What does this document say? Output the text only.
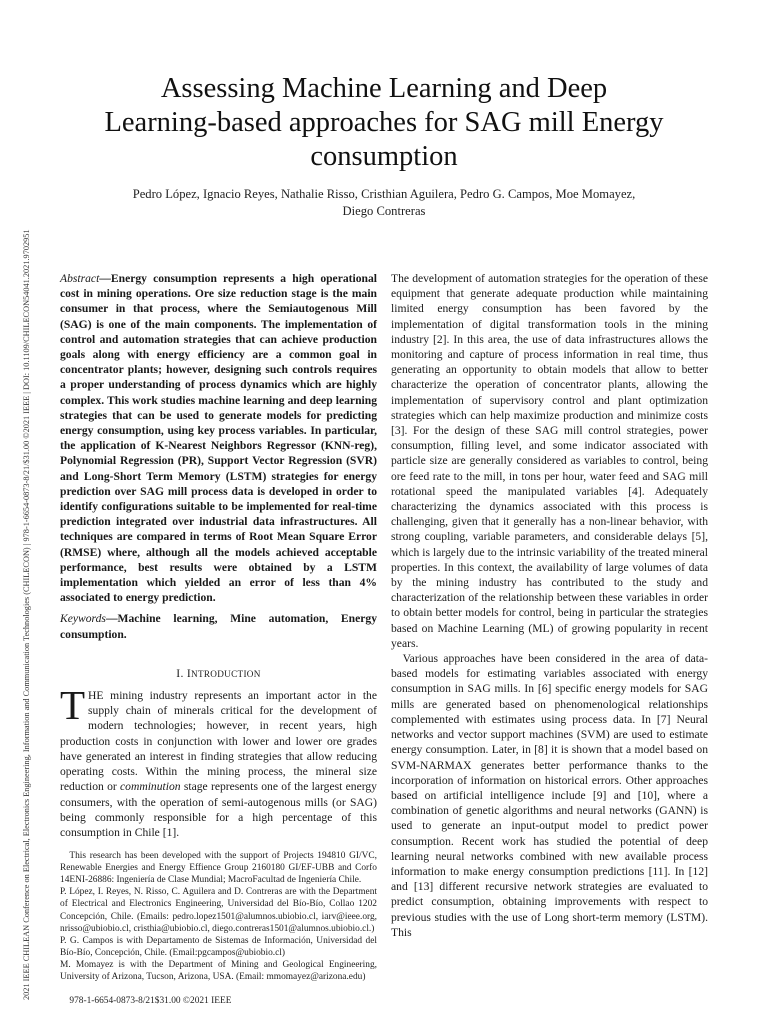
2021 IEEE CHILEAN Conference on Electrical, Electronics Engineering, Information and Communication Technologies (CHILECON) | 978-1-6654-0873-8/21/$31.00 ©2021 IEEE | DOI: 10.1109/CHILECON54041.2021.9702951
Assessing Machine Learning and Deep
Learning-based approaches for SAG mill Energy
consumption
Pedro López, Ignacio Reyes, Nathalie Risso, Cristhian Aguilera, Pedro G. Campos, Moe Momayez,
Diego Contreras

Abstract—Energy consumption represents a high operational cost in mining operations. Ore size reduction stage is the main consumer in that process, where the Semiautogenous Mill (SAG) is one of the main components. The implementation of control and automation strategies that can achieve production goals along with energy efficiency are a common goal in concentrator plants; however, designing such controls requires a proper understanding of process dynamics which are highly complex. This work studies machine learning and deep learning strategies that can be used to generate models for predicting energy consumption, using key process variables. In particular, the application of K-Nearest Neighbors Regressor (KNN-reg), Polynomial Regression (PR), Support Vector Regression (SVR) and Long-Short Term Memory (LSTM) strategies for energy prediction over SAG mill process data is developed in order to identify configurations suitable to be implemented for real-time prediction integrated over industrial data infrastructures. All techniques are compared in terms of Root Mean Square Error (RMSE) where, although all the models achieved acceptable performance, best results were obtained by a LSTM implementation which yielded an error of less than 4% associated to energy prediction.

Keywords—Machine learning, Mine automation, Energy consumption.

I. INTRODUCTION

THE mining industry represents an important actor in the supply chain of minerals critical for the development of modern technologies; however, in recent years, high production costs in conjunction with lower and lower ore grades have generated an interest in finding strategies that allow reducing operating costs. Within the mining process, the mineral size reduction or comminution stage represents one of the largest energy consumers, with the operation of semi-autogenous mills (or SAG) being commonly responsible for a high percentage of this consumption in Chile [1].

This research has been developed with the support of Projects 194810 GI/VC, Renewable Energies and Energy Effience Group 2160180 GI/EF-UBB and Corfo 14ENI-26886: Ingeniería de Clase Mundial; MacroFacultad de Ingeniería Chile.

P. López, I. Reyes, N. Risso, C. Aguilera and D. Contreras are with the Department of Electrical and Electronics Engineering, Universidad del Bío-Bío, Collao 1202 Concepción, Chile. (Emails: pedro.lopez1501@alumnos.ubiobio.cl, iarv@ieee.org, nrisso@ubiobio.cl, cristhia@ubiobio.cl, diego.contreras1501@alumnos.ubiobio.cl.)

P. G. Campos is with Departamento de Sistemas de Información, Universidad del Bío-Bío, Concepción, Chile. (Email:pgcampos@ubiobio.cl)

M. Momayez is with the Department of Mining and Geological Engineering, University of Arizona, Tucson, Arizona, USA. (Email: mmomayez@arizona.edu)

978-1-6654-0873-8/21$31.00 ©2021 IEEE

The development of automation strategies for the operation of these equipment that generate adequate production while maintaining limited energy consumption has been favored by the implementation of digital transformation tools in the mining industry [2]. In this area, the use of data infrastructures allows the monitoring and capture of process information in real time, thus generating an opportunity to obtain models that allow to better characterize the operation of concentrator plants, allowing the implementation of supervisory control and plant optimization strategies which can help maximize production and minimize costs [3]. For the design of these SAG mill control strategies, power consumption, filling level, and some indicator associated with particle size are generally considered as variables to control, being ore feed rate to the mill, in tons per hour, water feed and SAG mill rotational speed the manipulated variables [4]. Adequately characterizing the dynamics associated with this process is challenging, given that it generally has a non-linear behavior, with strong coupling, variable parameters, and considerable delays [5], which is largely due to the intrinsic variability of the treated mineral properties. In this context, the availability of large volumes of data by the mining industry has contributed to the study and characterization of the relationship between these variables in order to obtain better models for control, being in particular the strategies based on Machine Learning (ML) of growing popularity in recent years.

Various approaches have been considered in the area of data-based models for estimating variables associated with energy consumption in SAG mills. In [6] specific energy models for SAG mills are generated based on phenomenological relationships complemented with estimates using process data. In [7] Neural networks and vector support machines (SVM) are used to estimate energy consumption. Later, in [8] it is shown that a model based on SVM-NARMAX generates better performance thanks to the incorporation of information on historical errors. Other approaches based on artificial intelligence include [9] and [10], where a combination of genetic algorithms and neural networks (GANN) is used to generate an input-output model to predict power consumption. Recent work has studied the potential of deep learning neural networks combined with new available process information to make energy consumption predictions [11]. In [12] and [13] different recursive network strategies are evaluated to predict consumption, obtaining improvements with respect to previous studies with the use of Long short-term memory (LSTM). This
